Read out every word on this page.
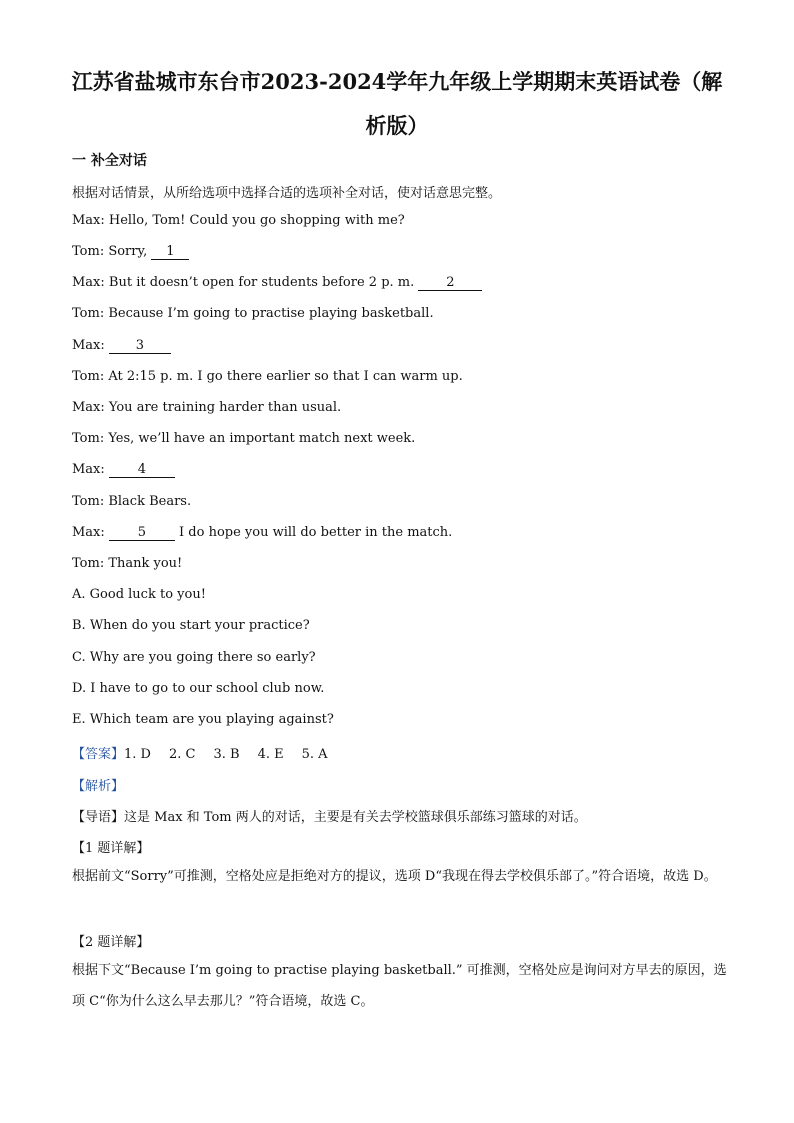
江苏省盐城市东台市2023-2024学年九年级上学期期末英语试卷（解
析版）
一 补全对话
根据对话情景，从所给选项中选择合适的选项补全对话，使对话意思完整。
Max: Hello, Tom! Could you go shopping with me?
Tom: Sorry, 1
Max: But it doesn’t open for students before 2 p. m. 2
Tom: Because I’m going to practise playing basketball.
Max: 3
Tom: At 2:15 p. m. I go there earlier so that I can warm up.
Max: You are training harder than usual.
Tom: Yes, we’ll have an important match next week.
Max: 4
Tom: Black Bears.
Max: 5 I do hope you will do better in the match.
Tom: Thank you!
A. Good luck to you!
B. When do you start your practice?
C. Why are you going there so early?
D. I have to go to our school club now.
E. Which team are you playing against?
【答案】1. D 2. C 3. B 4. E 5. A
【解析】
【导语】这是 Max 和 Tom 两人的对话，主要是有关去学校篮球俱乐部练习篮球的对话。
【1 题详解】
根据前文“Sorry”可推测，空格处应是拒绝对方的提议，选项 D“我现在得去学校俱乐部了。”符合语境，故选 D。
【2 题详解】
根据下文“Because I’m going to practise playing basketball.” 可推测，空格处应是询问对方早去的原因，选项 C“你为什么这么早去那儿？”符合语境，故选 C。
